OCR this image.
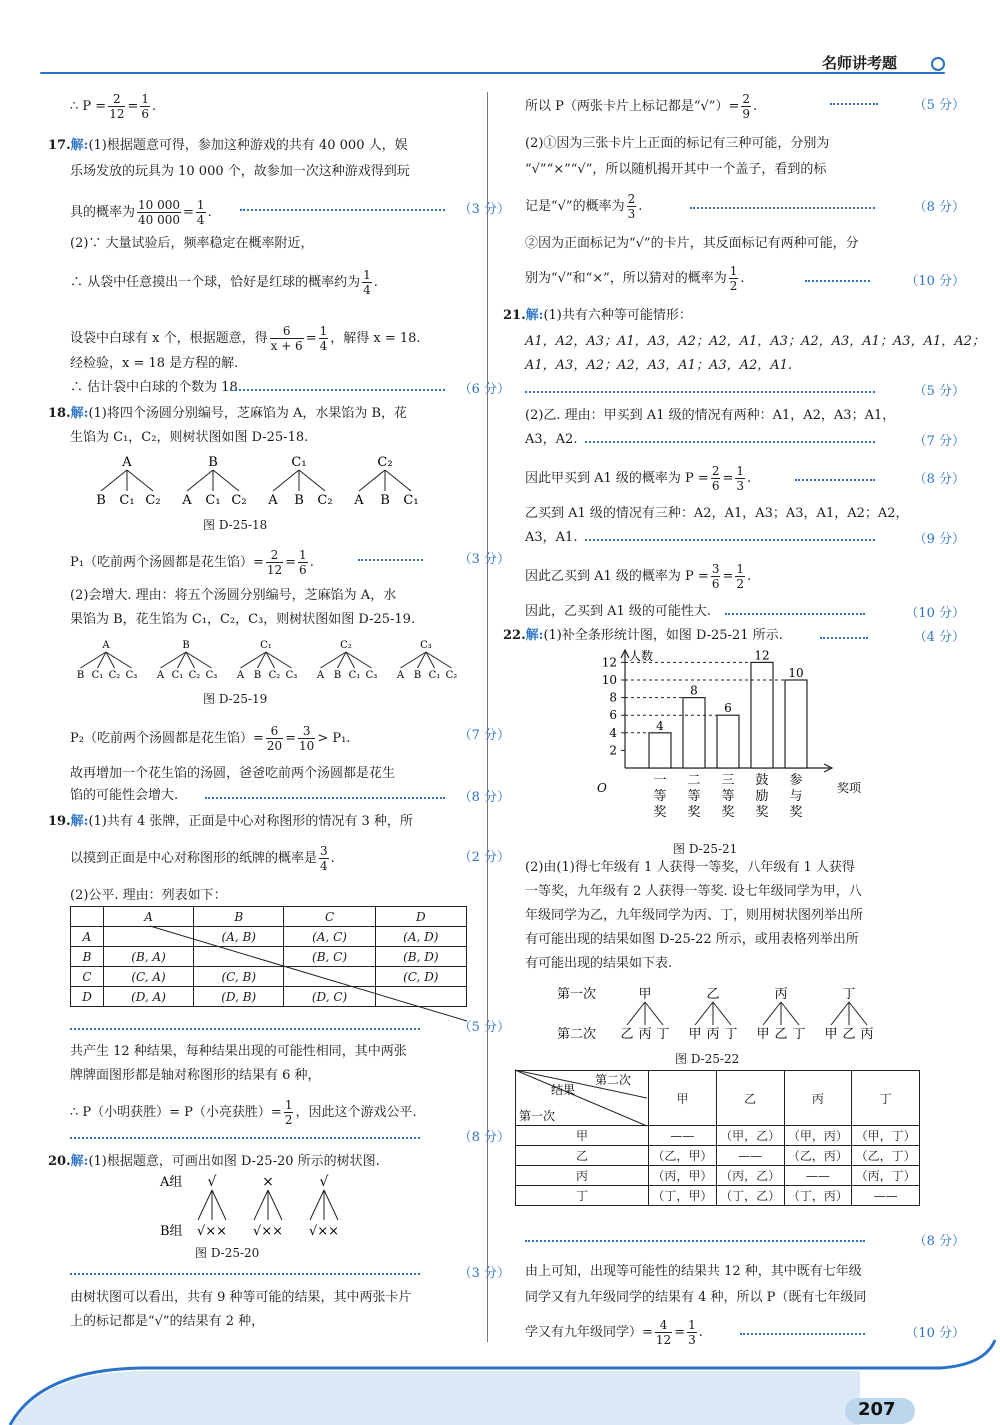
名师讲考题
∴ $P = \frac{2}{12} = \frac{1}{6}$ .
17.解:(1)根据题意可得，参加这种游戏的共有 40 000 人，娱
乐场发放的玩具为 10 000 个，故参加一次这种游戏得到玩
具的概率为 $\frac{10 000}{40 000} = \frac{1}{4}$ .	（3 分）
(2)∵ 大量试验后，频率稳定在概率附近，
∴ 从袋中任意摸出一个球，恰好是红球的概率约为 $\frac{1}{4}$ .
设袋中白球有 x 个，根据题意，得 $\frac{6}{x + 6} = \frac{1}{4}$ ，解得 x = 18.
经检验，x = 18 是方程的解.
∴ 估计袋中白球的个数为 18.	（6 分）
18.解:(1)将四个汤圆分别编号，芝麻馅为 A，水果馅为 B，花
生馅为 C₁，C₂，则树状图如图 D-25-18.
A
B C₁ C₂
B
A C₁ C₂
C₁
A B C₂
C₂
A B C₁
图 D-25-18
P₁（吃前两个汤圆都是花生馅）= $\frac{2}{12} = \frac{1}{6}$ .	（3 分）
(2)会增大. 理由：将五个汤圆分别编号，芝麻馅为 A，水
果馅为 B，花生馅为 C₁，C₂，C₃，则树状图如图 D-25-19.
A
B C₁ C₂ C₃
B
A C₁ C₂ C₃
C₁
A B C₂ C₃
C₂
A B C₁ C₃
C₃
A B C₁ C₂
图 D-25-19
P₂（吃前两个汤圆都是花生馅）= $\frac{6}{20} = \frac{3}{10} > P_1$.	（7 分）
故再增加一个花生馅的汤圆，爸爸吃前两个汤圆都是花生
馅的可能性会增大.	（8 分）
19.解:(1)共有 4 张牌，正面是中心对称图形的情况有 3 种，所
以摸到正面是中心对称图形的纸牌的概率是 $\frac{3}{4}$ .	（2 分）
(2)公平. 理由：列表如下：
	A	B	C	D
A		(A, B)	(A, C)	(A, D)
B	(B, A)		(B, C)	(B, D)
C	(C, A)	(C, B)		(C, D)
D	(D, A)	(D, B)	(D, C)	
（5 分）
共产生 12 种结果，每种结果出现的可能性相同，其中两张
牌牌面图形都是轴对称图形的结果有 6 种，
∴ P（小明获胜）= P（小亮获胜）= $\frac{1}{2}$ ，因此这个游戏公平.
（8 分）
20.解:(1)根据题意，可画出如图 D-25-20 所示的树状图.
A组
B组
√
√××
×
√××
√
√××
图 D-25-20
（3 分）
由树状图可以看出，共有 9 种等可能的结果，其中两张卡片
上的标记都是“√”的结果有 2 种，
所以 P（两张卡片上标记都是“√”）= $\frac{2}{9}$ .	（5 分）
(2)①因为三张卡片上正面的标记有三种可能，分别为
“√”“×”“√”，所以随机揭开其中一个盖子，看到的标
记是“√”的概率为 $\frac{2}{3}$ .	（8 分）
②因为正面标记为“√”的卡片，其反面标记有两种可能，分
别为“√”和“×”，所以猜对的概率为 $\frac{1}{2}$ .	（10 分）
21.解:(1)共有六种等可能情形：
A1，A2，A3；A1，A3，A2；A2，A1，A3；A2，A3，A1；A3，A1，A2；
A1，A3，A2；A2，A3，A1；A3，A2，A1.
（5 分）
(2)乙. 理由：甲买到 A1 级的情况有两种：A1，A2，A3；A1，
A3，A2.	（7 分）
因此甲买到 A1 级的概率为 $P = \frac{2}{6} = \frac{1}{3}$ .	（8 分）
乙买到 A1 级的情况有三种：A2，A1，A3；A3，A1，A2；A2，
A3，A1.	（9 分）
因此乙买到 A1 级的概率为 $P = \frac{3}{6} = \frac{1}{2}$ .
因此，乙买到 A1 级的可能性大.	（10 分）
22.解:(1)补全条形统计图，如图 D-25-21 所示.	（4 分）
人数
奖项
O
2
4
6
8
10
12
4
一
等
奖
8
二
等
奖
6
三
等
奖
12
鼓
励
奖
10
参
与
奖
图 D-25-21
(2)由(1)得七年级有 1 人获得一等奖，八年级有 1 人获得
一等奖，九年级有 2 人获得一等奖. 设七年级同学为甲，八
年级同学为乙，九年级同学为丙、丁，则用树状图列举出所
有可能出现的结果如图 D-25-22 所示，或用表格列举出所
有可能出现的结果如下表.
第一次
第二次
甲
乙 丙 丁
乙
甲 丙 丁
丙
甲 乙 丁
丁
甲 乙 丙
图 D-25-22
结果
第二次
第一次
	甲	乙	丙	丁
甲	——	（甲，乙）	（甲，丙）	（甲，丁）
乙	（乙，甲）	——	（乙，丙）	（乙，丁）
丙	（丙，甲）	（丙，乙）	——	（丙，丁）
丁	（丁，甲）	（丁，乙）	（丁，丙）	——
（8 分）
由上可知，出现等可能性的结果共 12 种，其中既有七年级
同学又有九年级同学的结果有 4 种，所以 P（既有七年级同
学又有九年级同学）= $\frac{4}{12} = \frac{1}{3}$ .	（10 分）
207
